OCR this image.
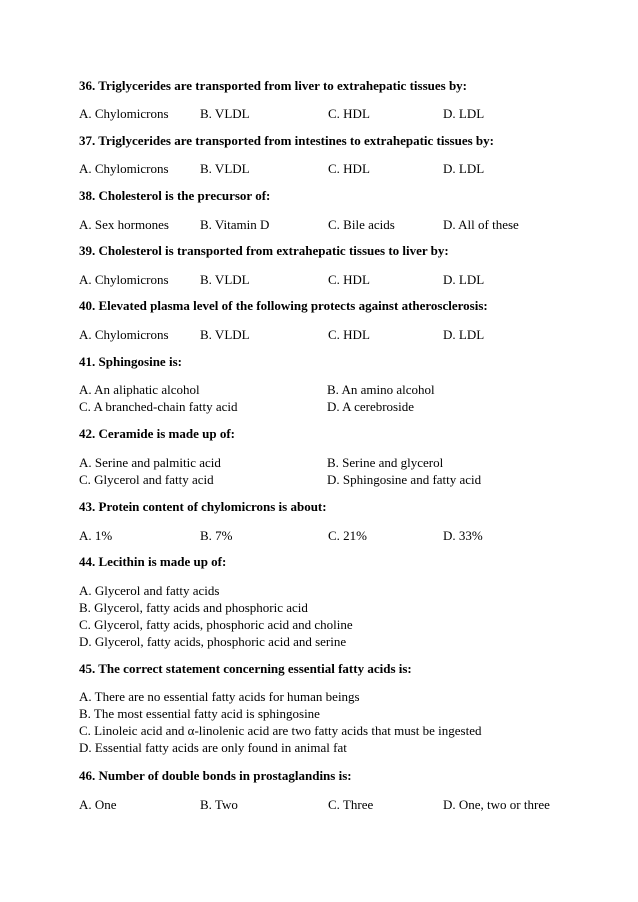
36. Triglycerides are transported from liver to extrahepatic tissues by:
A. Chylomicrons B. VLDL	C. HDL	D. LDL
37. Triglycerides are transported from intestines to extrahepatic tissues by:
A. Chylomicrons B. VLDL	C. HDL	D. LDL
38. Cholesterol is the precursor of:
A. Sex hormones B. Vitamin D	C. Bile acids	D. All of these
39. Cholesterol is transported from extrahepatic tissues to liver by:
A. Chylomicrons B. VLDL	C. HDL	D. LDL
40. Elevated plasma level of the following protects against atherosclerosis:
A. Chylomicrons B. VLDL	C. HDL	D. LDL
41. Sphingosine is:
A. An aliphatic alcohol	B. An amino alcohol
C. A branched-chain fatty acid	D. A cerebroside
42. Ceramide is made up of:
A. Serine and palmitic acid	B. Serine and glycerol
C. Glycerol and fatty acid	D. Sphingosine and fatty acid
43. Protein content of chylomicrons is about:
A. 1%	B. 7%	C. 21%	D. 33%
44. Lecithin is made up of:
A. Glycerol and fatty acids
B. Glycerol, fatty acids and phosphoric acid
C. Glycerol, fatty acids, phosphoric acid and choline
D. Glycerol, fatty acids, phosphoric acid and serine
45. The correct statement concerning essential fatty acids is:
A. There are no essential fatty acids for human beings
B. The most essential fatty acid is sphingosine
C. Linoleic acid and α-linolenic acid are two fatty acids that must be ingested
D. Essential fatty acids are only found in animal fat
46. Number of double bonds in prostaglandins is:
A. One	B. Two	C. Three	D. One, two or three
